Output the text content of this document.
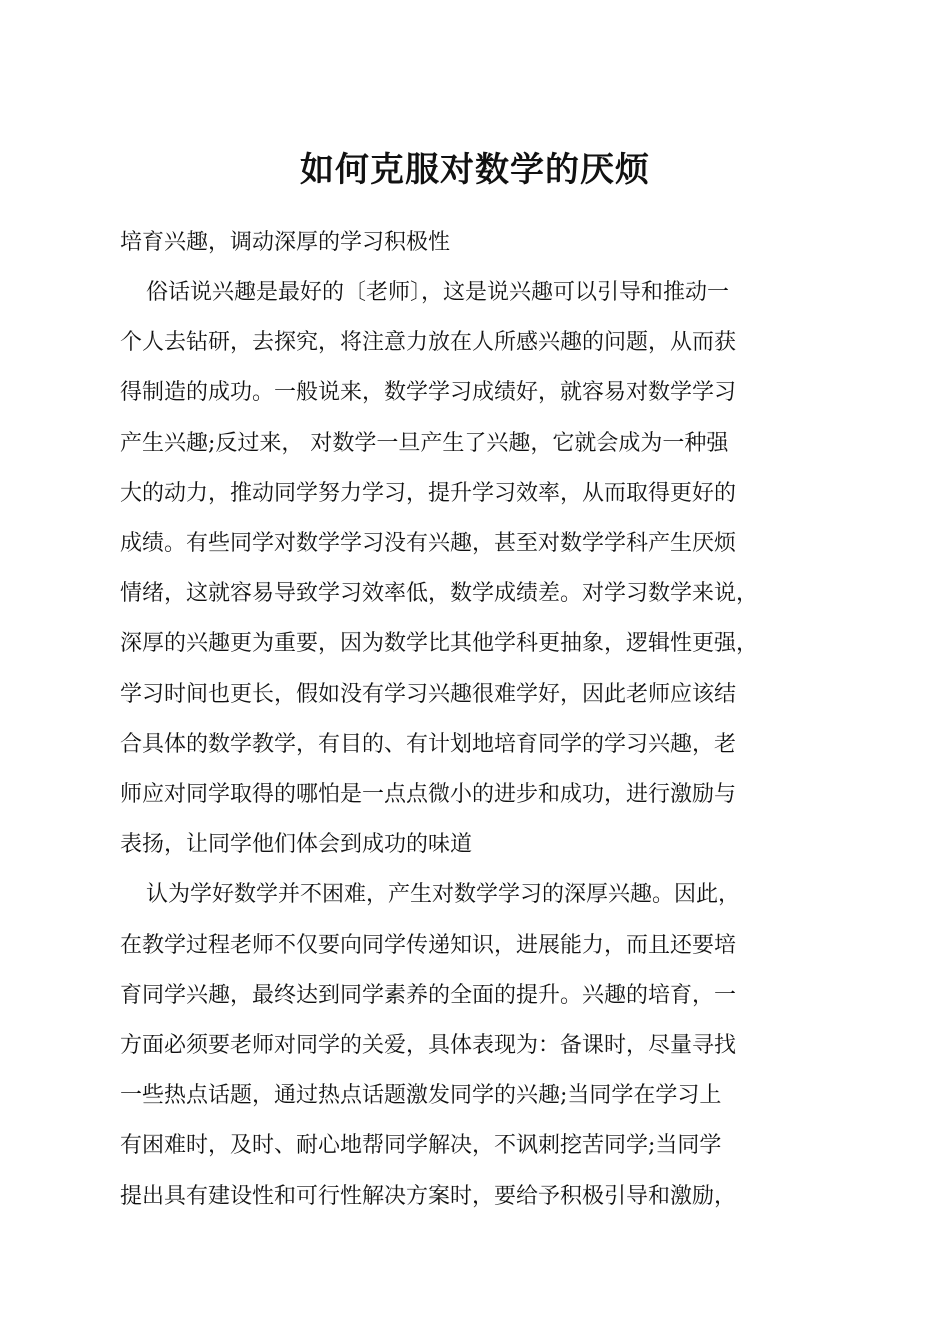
如何克服对数学的厌烦

培育兴趣，调动深厚的学习积极性

俗话说兴趣是最好的〔老师〕，这是说兴趣可以引导和推动一

个人去钻研，去探究，将注意力放在人所感兴趣的问题，从而获

得制造的成功。一般说来，数学学习成绩好，就容易对数学学习

产生兴趣;反过来， 对数学一旦产生了兴趣，它就会成为一种强

大的动力，推动同学努力学习，提升学习效率，从而取得更好的

成绩。有些同学对数学学习没有兴趣，甚至对数学学科产生厌烦

情绪，这就容易导致学习效率低，数学成绩差。对学习数学来说，

深厚的兴趣更为重要，因为数学比其他学科更抽象，逻辑性更强，

学习时间也更长，假如没有学习兴趣很难学好，因此老师应该结

合具体的数学教学，有目的、有计划地培育同学的学习兴趣，老

师应对同学取得的哪怕是一点点微小的进步和成功，进行激励与

表扬，让同学他们体会到成功的味道

认为学好数学并不困难，产生对数学学习的深厚兴趣。因此，

在教学过程老师不仅要向同学传递知识，进展能力，而且还要培

育同学兴趣，最终达到同学素养的全面的提升。兴趣的培育，一

方面必须要老师对同学的关爱，具体表现为：备课时，尽量寻找

一些热点话题，通过热点话题激发同学的兴趣;当同学在学习上

有困难时，及时、耐心地帮同学解决，不讽刺挖苦同学;当同学

提出具有建设性和可行性解决方案时，要给予积极引导和激励，
